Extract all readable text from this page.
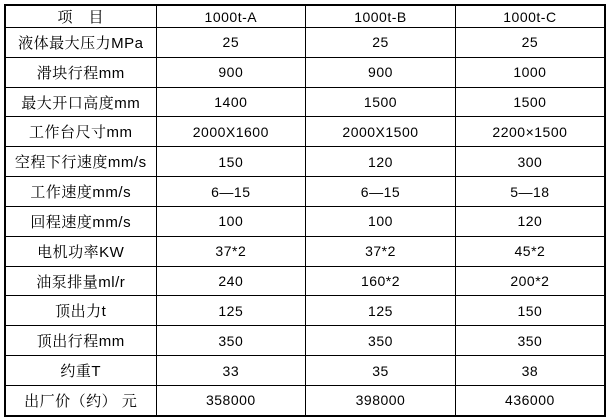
项　目	1000t-A	1000t-B	1000t-C
液体最大压力MPa	25	25	25
滑块行程mm	900	900	1000
最大开口高度mm	1400	1500	1500
工作台尺寸mm	2000X1600	2000X1500	2200×1500
空程下行速度mm/s	150	120	300
工作速度mm/s	6—15	6—15	5—18
回程速度mm/s	100	100	120
电机功率KW	37*2	37*2	45*2
油泵排量ml/r	240	160*2	200*2
顶出力t	125	125	150
顶出行程mm	350	350	350
约重T	33	35	38
出厂价（约） 元	358000	398000	436000
